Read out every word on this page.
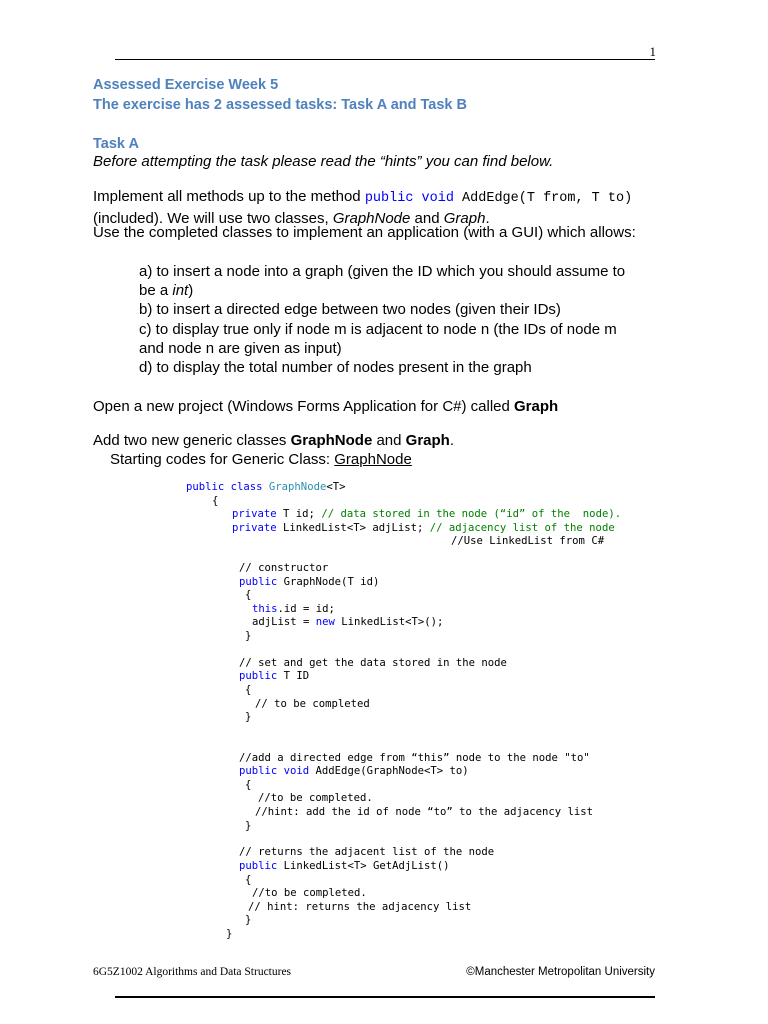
1
Assessed Exercise Week 5
The exercise has 2 assessed tasks: Task A and Task B
Task A
Before attempting the task please read the “hints” you can find below.
Implement all methods up to the method public void AddEdge(T from, T to)
(included). We will use two classes, GraphNode and Graph.
Use the completed classes to implement an application (with a GUI) which allows:
a) to insert a node into a graph (given the ID which you should assume to
be a int)
b) to insert a directed edge between two nodes (given their IDs)
c) to display true only if node m is adjacent to node n (the IDs of node m
and node n are given as input)
d) to display the total number of nodes present in the graph
Open a new project (Windows Forms Application for C#) called Graph
Add two new generic classes GraphNode and Graph.
Starting codes for Generic Class: GraphNode
public class GraphNode<T>
{
private T id; // data stored in the node (“id” of the  node).
private LinkedList<T> adjList; // adjacency list of the node
//Use LinkedList from C#
// constructor
public GraphNode(T id)
{
this.id = id;
adjList = new LinkedList<T>();
}
// set and get the data stored in the node
public T ID
{
// to be completed
}
//add a directed edge from “this” node to the node "to"
public void AddEdge(GraphNode<T> to)
{
//to be completed.
//hint: add the id of node “to” to the adjacency list
}
// returns the adjacent list of the node
public LinkedList<T> GetAdjList()
{
//to be completed.
// hint: returns the adjacency list
}
}
6G5Z1002 Algorithms and Data Structures	©Manchester Metropolitan University
